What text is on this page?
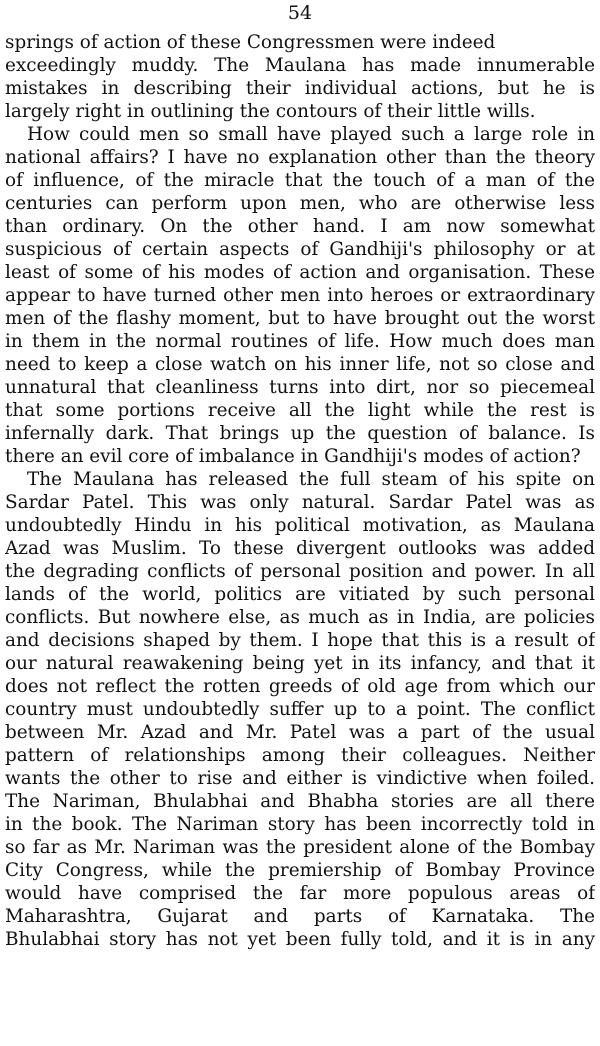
54
springs of action of these Congressmen were indeed
exceedingly muddy. The Maulana has made innumerable
mistakes in describing their individual actions, but he is
largely right in outlining the contours of their little wills.
How could men so small have played such a large role in
national affairs? I have no explanation other than the theory
of influence, of the miracle that the touch of a man of the
centuries can perform upon men, who are otherwise less
than ordinary. On the other hand. I am now somewhat
suspicious of certain aspects of Gandhiji's philosophy or at
least of some of his modes of action and organisation. These
appear to have turned other men into heroes or extraordinary
men of the flashy moment, but to have brought out the worst
in them in the normal routines of life. How much does man
need to keep a close watch on his inner life, not so close and
unnatural that cleanliness turns into dirt, nor so piecemeal
that some portions receive all the light while the rest is
infernally dark. That brings up the question of balance. Is
there an evil core of imbalance in Gandhiji's modes of action?
The Maulana has released the full steam of his spite on
Sardar Patel. This was only natural. Sardar Patel was as
undoubtedly Hindu in his political motivation, as Maulana
Azad was Muslim. To these divergent outlooks was added
the degrading conflicts of personal position and power. In all
lands of the world, politics are vitiated by such personal
conflicts. But nowhere else, as much as in India, are policies
and decisions shaped by them. I hope that this is a result of
our natural reawakening being yet in its infancy, and that it
does not reflect the rotten greeds of old age from which our
country must undoubtedly suffer up to a point. The conflict
between Mr. Azad and Mr. Patel was a part of the usual
pattern of relationships among their colleagues. Neither
wants the other to rise and either is vindictive when foiled.
The Nariman, Bhulabhai and Bhabha stories are all there
in the book. The Nariman story has been incorrectly told in
so far as Mr. Nariman was the president alone of the Bombay
City Congress, while the premiership of Bombay Province
would have comprised the far more populous areas of
Maharashtra, Gujarat and parts of Karnataka. The
Bhulabhai story has not yet been fully told, and it is in any
